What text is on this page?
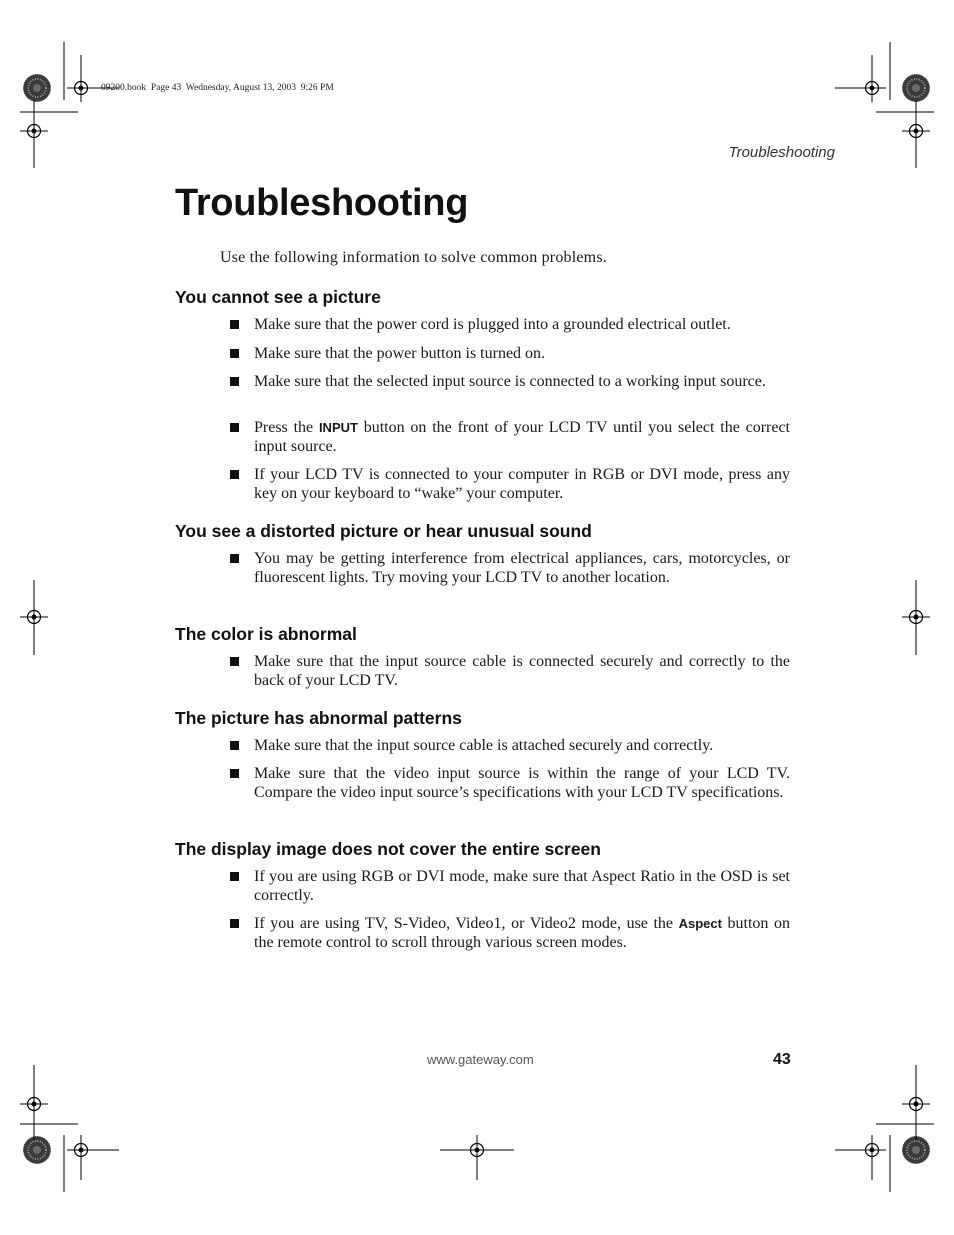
09200.book  Page 43  Wednesday, August 13, 2003  9:26 PM
Troubleshooting
Troubleshooting
Use the following information to solve common problems.
You cannot see a picture
Make sure that the power cord is plugged into a grounded electrical outlet.
Make sure that the power button is turned on.
Make sure that the selected input source is connected to a working input source.
Press the INPUT button on the front of your LCD TV until you select the correct input source.
If your LCD TV is connected to your computer in RGB or DVI mode, press any key on your keyboard to “wake” your computer.
You see a distorted picture or hear unusual sound
You may be getting interference from electrical appliances, cars, motorcycles, or fluorescent lights. Try moving your LCD TV to another location.
The color is abnormal
Make sure that the input source cable is connected securely and correctly to the back of your LCD TV.
The picture has abnormal patterns
Make sure that the input source cable is attached securely and correctly.
Make sure that the video input source is within the range of your LCD TV. Compare the video input source’s specifications with your LCD TV specifications.
The display image does not cover the entire screen
If you are using RGB or DVI mode, make sure that Aspect Ratio in the OSD is set correctly.
If you are using TV, S-Video, Video1, or Video2 mode, use the Aspect button on the remote control to scroll through various screen modes.
www.gateway.com	43
